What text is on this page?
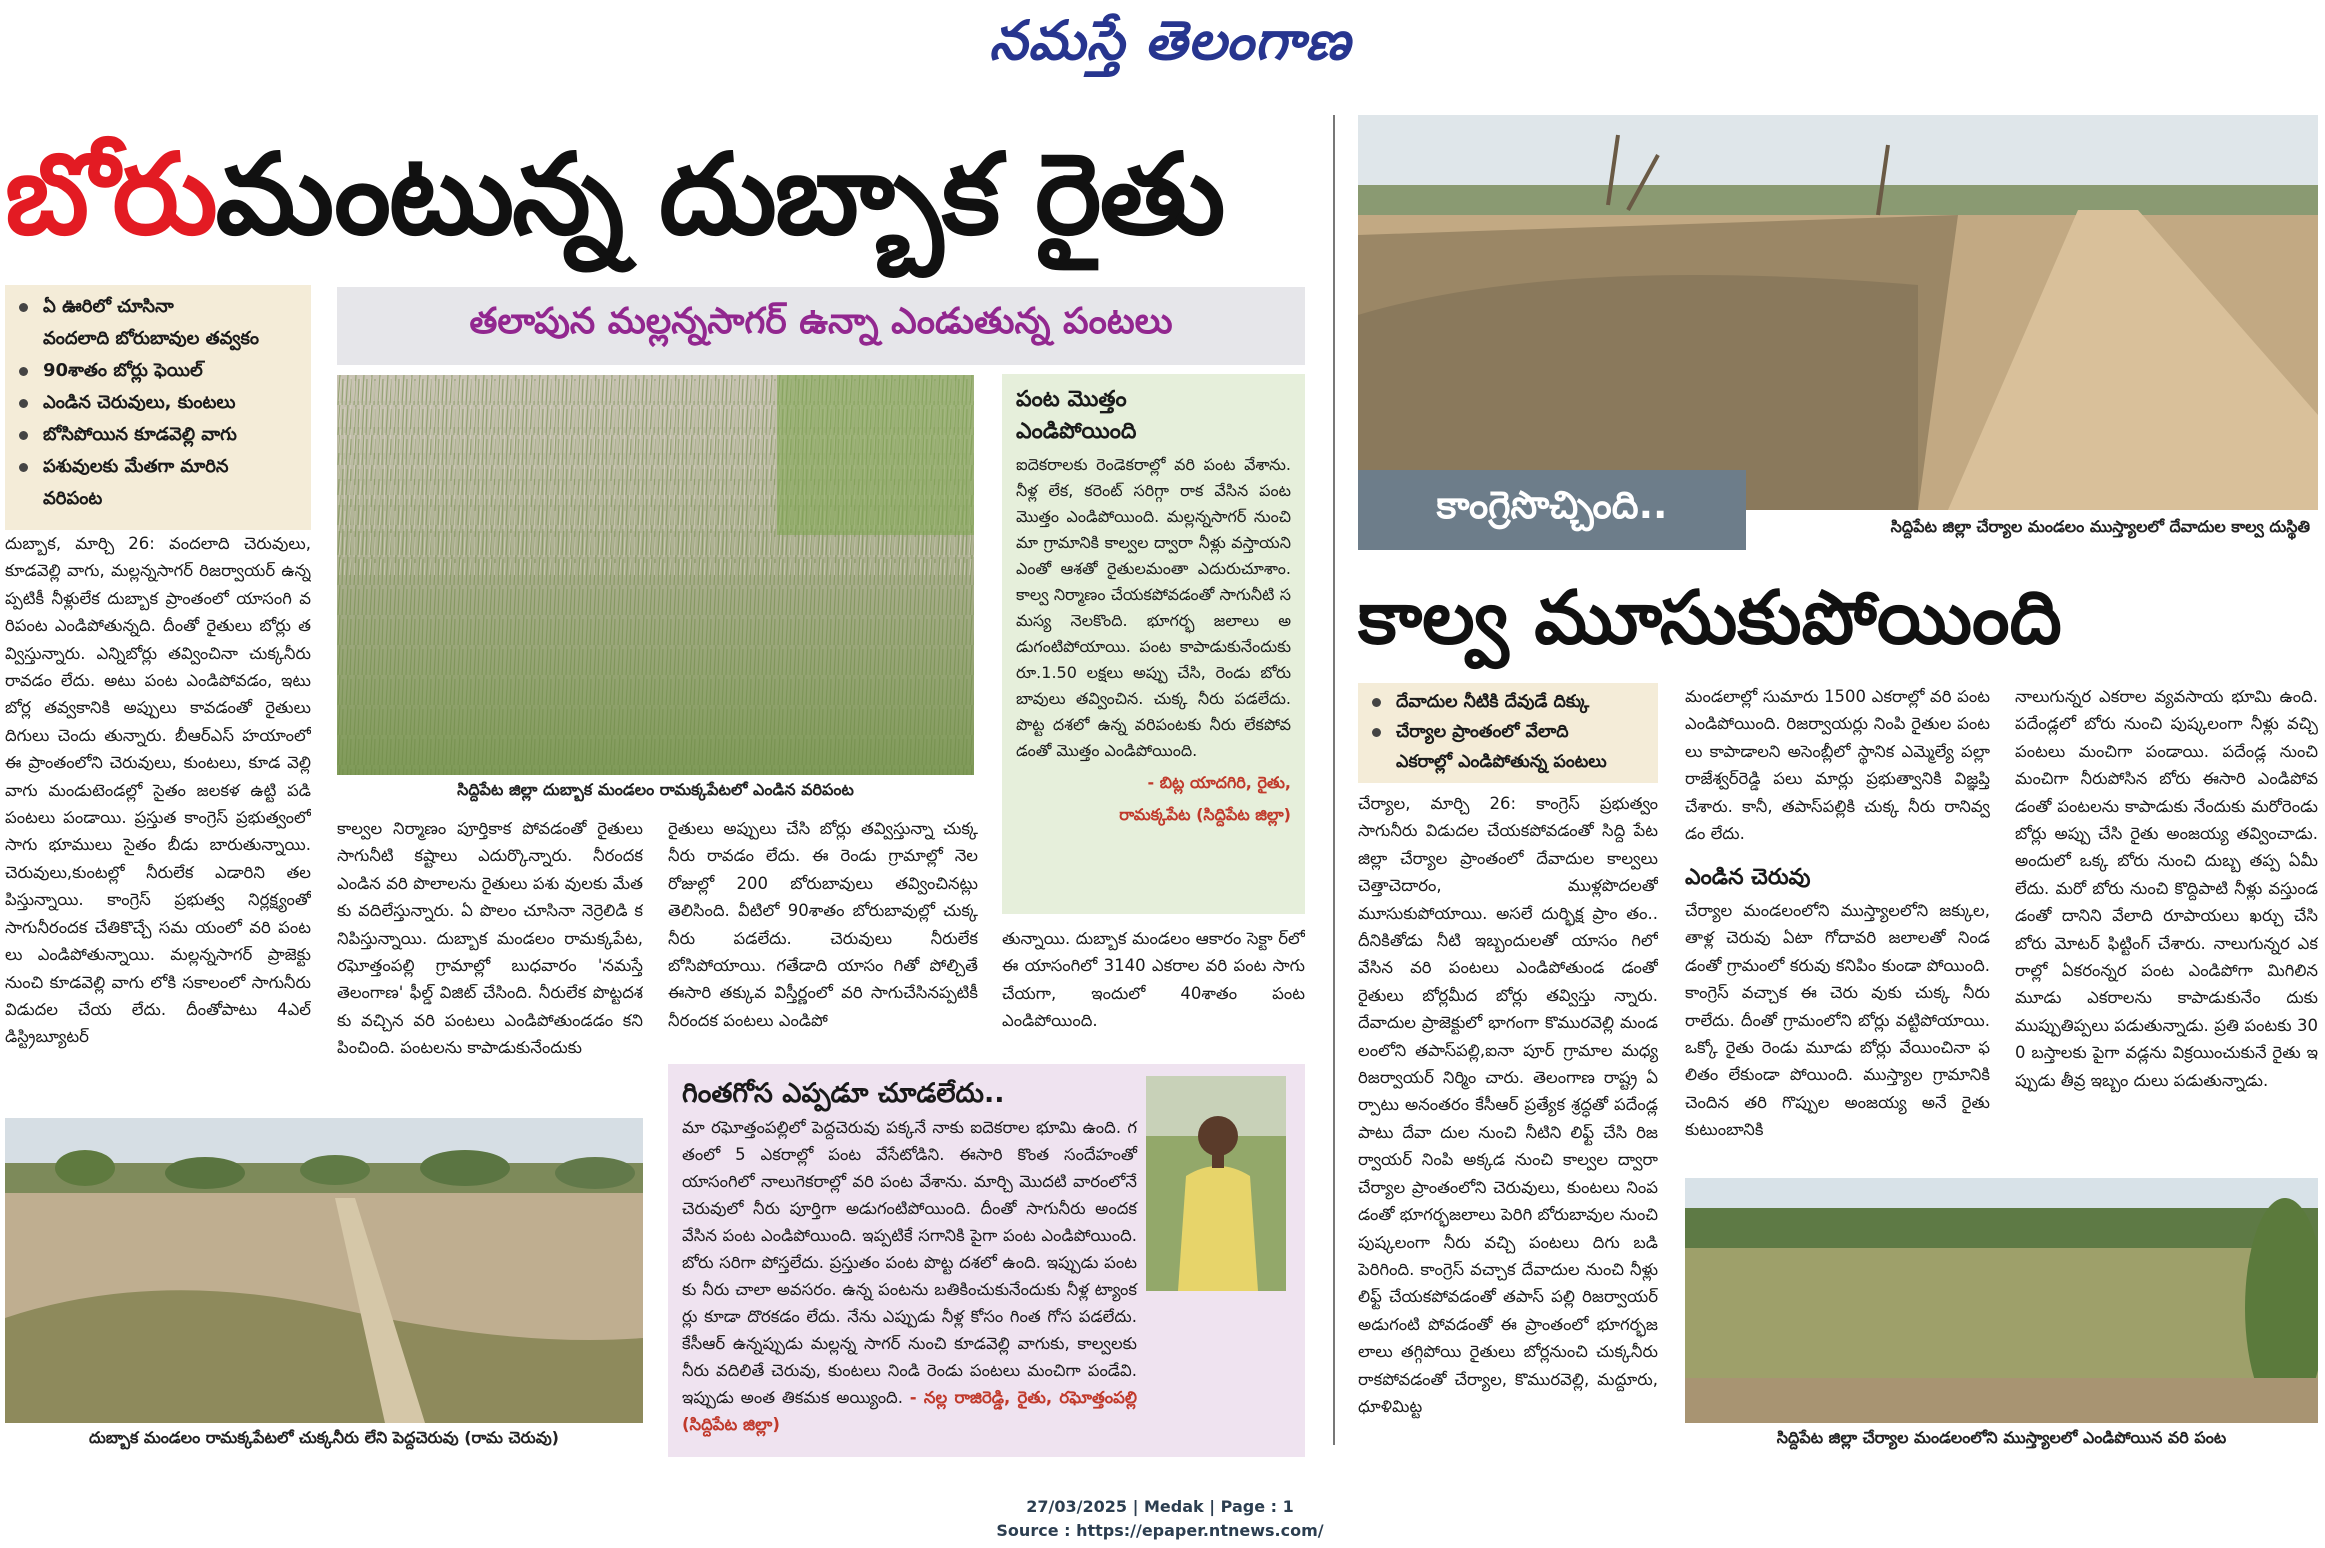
నమస్తే తెలంగాణ
బోరుమంటున్న దుబ్బాక రైతు
ఏ ఊరిలో చూసినా
వందలాది బోరుబావుల తవ్వకం
90శాతం బోర్లు ఫెయిల్
ఎండిన చెరువులు, కుంటలు
బోసిపోయిన కూడవెల్లి వాగు
పశువులకు మేతగా మారిన
వరిపంట
తలాపున మల్లన్నసాగర్ ఉన్నా ఎండుతున్న పంటలు
సిద్దిపేట జిల్లా దుబ్బాక మండలం రామక్కపేటలో ఎండిన వరిపంట
పంట మొత్తం
ఎండిపోయింది
ఐదెకరాలకు రెండెకరాల్లో వరి పంట వేశాను. నీళ్ల లేక, కరెంట్ సరిగ్గా రాక వేసిన పంట మొత్తం ఎండిపోయింది. మల్లన్నసాగర్ నుంచి మా గ్రామానికి కాల్వల ద్వారా నీళ్లు వస్తాయని ఎంతో ఆశతో రైతులమంతా ఎదురుచూశాం. కాల్వ నిర్మాణం చేయకపోవడంతో సాగునీటి సమస్య నెలకొంది. భూగర్భ జలాలు అడుగంటిపోయాయి. పంట కాపాడుకునేందుకు రూ.1.50 లక్షలు అప్పు చేసి, రెండు బోరు బావులు తవ్వించిన. చుక్క నీరు పడలేదు. పొట్ట దశలో ఉన్న వరిపంటకు నీరు లేకపోవ డంతో మొత్తం ఎండిపోయింది.
- బిట్ల యాదగిరి, రైతు,
రామక్కపేట (సిద్దిపేట జిల్లా)
దుబ్బాక, మార్చి 26: వందలాది చెరువులు, కూడవెల్లి వాగు, మల్లన్నసాగర్ రిజర్వాయర్ ఉన్నప్పటికీ నీళ్లులేక దుబ్బాక ప్రాంతంలో యాసంగి వరిపంట ఎండిపోతున్నది. దీంతో రైతులు బోర్లు తవ్విస్తున్నారు. ఎన్నిబోర్లు తవ్వించినా చుక్కనీరు రావడం లేదు. అటు పంట ఎండిపోవడం, ఇటు బోర్ల తవ్వకానికి అప్పులు కావడంతో రైతులు దిగులు చెందు తున్నారు. బీఆర్ఎస్ హయాంలో ఈ ప్రాంతంలోని చెరువులు, కుంటలు, కూడ వెల్లి వాగు మండుటెండల్లో సైతం జలకళ ఉట్టి పడి పంటలు పండాయి. ప్రస్తుత కాంగ్రెస్ ప్రభుత్వంలో సాగు భూములు సైతం బీడు బారుతున్నాయి. చెరువులు,కుంటల్లో నీరులేక ఎడారిని తలపిస్తున్నాయి. కాంగ్రెస్ ప్రభుత్వ నిర్లక్ష్యంతో సాగునీరందక చేతికొచ్చే సమ యంలో వరి పంటలు ఎండిపోతున్నాయి. మల్లన్నసాగర్ ప్రాజెక్టు నుంచి కూడవెల్లి వాగు లోకి సకాలంలో సాగునీరు విడుదల చేయ లేదు. దీంతోపాటు 4ఎల్ డిస్ట్రిబ్యూటర్
కాల్వల నిర్మాణం పూర్తికాక పోవడంతో రైతులు సాగునీటి కష్టాలు ఎదుర్కొన్నారు. నీరందక ఎండిన వరి పొలాలను రైతులు పశు వులకు మేతకు వదిలేస్తున్నారు. ఏ పొలం చూసినా నెర్రెలిడి కనిపిస్తున్నాయి. దుబ్బాక మండలం రామక్కపేట, రఘోత్తంపల్లి గ్రామాల్లో బుధవారం 'నమస్తే తెలంగాణ' ఫీల్డ్ విజిట్ చేసింది. నీరులేక పొట్టదశకు వచ్చిన వరి పంటలు ఎండిపోతుండడం కని పించింది. పంటలను కాపాడుకునేందుకు
రైతులు అప్పులు చేసి బోర్లు తవ్విస్తున్నా చుక్కనీరు రావడం లేదు. ఈ రెండు గ్రామాల్లో నెల రోజుల్లో 200 బోరుబావులు తవ్వించినట్లు తెలిసింది. వీటిలో 90శాతం బోరుబావుల్లో చుక్కనీరు పడలేదు. చెరువులు నీరులేక బోసిపోయాయి. గతేడాది యాసం గితో పోల్చితే ఈసారి తక్కువ విస్తీర్ణంలో వరి సాగుచేసినప్పటికీ నీరందక పంటలు ఎండిపో
తున్నాయి. దుబ్బాక మండలం ఆకారం సెక్టా ర్‌లో ఈ యాసంగిలో 3140 ఎకరాల వరి పంట సాగు చేయగా, ఇందులో 40శాతం పంట ఎండిపోయింది.
దుబ్బాక మండలం రామక్కపేటలో చుక్కనీరు లేని పెద్దచెరువు (రామ చెరువు)
గింతగోస ఎప్పడూ చూడలేదు..
మా రఘోత్తంపల్లిలో పెద్దచెరువు పక్కనే నాకు ఐదెకరాల భూమి ఉంది. గతంలో 5 ఎకరాల్లో పంట వేసేటోడిని. ఈసారి కొంత సందేహంతో యాసంగిలో నాలుగెకరాల్లో వరి పంట వేశాను. మార్చి మొదటి వారంలోనే చెరువులో నీరు పూర్తిగా అడుగంటిపోయింది. దీంతో సాగునీరు అందక వేసిన పంట ఎండిపోయింది. ఇప్పటికే సగానికి పైగా పంట ఎండిపోయింది. బోరు సరిగా పోస్తలేదు. ప్రస్తుతం పంట పొట్ట దశలో ఉంది. ఇప్పుడు పంటకు నీరు చాలా అవసరం. ఉన్న పంటను బతికించుకునేందుకు నీళ్ల ట్యాంకర్లు కూడా దొరకడం లేదు. నేను ఎప్పుడు నీళ్ల కోసం గింత గోస పడలేదు. కేసీఆర్ ఉన్నప్పుడు మల్లన్న సాగర్ నుంచి కూడవెల్లి వాగుకు, కాల్వలకు నీరు వదిలితే చెరువు, కుంటలు నిండి రెండు పంటలు మంచిగా పండేవి. ఇప్పుడు అంత తికమక అయ్యింది. - నల్ల రాజిరెడ్డి, రైతు, రఘోత్తంపల్లి (సిద్దిపేట జిల్లా)
కాంగ్రెసొచ్చింది..	సిద్దిపేట జిల్లా చేర్యాల మండలం ముస్త్యాలలో దేవాదుల కాల్వ దుస్థితి
కాల్వ మూసుకుపోయింది
దేవాదుల నీటికి దేవుడే దిక్కు
చేర్యాల ప్రాంతంలో వేలాది
ఎకరాల్లో ఎండిపోతున్న పంటలు
చేర్యాల, మార్చి 26: కాంగ్రెస్ ప్రభుత్వం సాగునీరు విడుదల చేయకపోవడంతో సిద్ది పేట జిల్లా చేర్యాల ప్రాంతంలో దేవాదుల కాల్వలు చెత్తాచెదారం, ముళ్లపొదలతో మూసుకుపోయాయి. అసలే దుర్భిక్ష ప్రాం తం.. దీనికితోడు నీటి ఇబ్బందులతో యాసం గిలో వేసిన వరి పంటలు ఎండిపోతుండ డంతో రైతులు బోర్లమీద బోర్లు తవ్విస్తు న్నారు. దేవాదుల ప్రాజెక్టులో భాగంగా కొమురవెల్లి మండలంలోని తపాస్‌పల్లి,ఐనా పూర్ గ్రామాల మధ్య రిజర్వాయర్ నిర్మిం చారు. తెలంగాణ రాష్ట్ర ఏర్పాటు అనంతరం కేసీఆర్ ప్రత్యేక శ్రద్ధతో పదేండ్ల పాటు దేవా దుల నుంచి నీటిని లిఫ్ట్ చేసి రిజర్వాయర్ నింపి అక్కడ నుంచి కాల్వల ద్వారా చేర్యాల ప్రాంతంలోని చెరువులు, కుంటలు నింప డంతో భూగర్భజలాలు పెరిగి బోరుబావుల నుంచి పుష్కలంగా నీరు వచ్చి పంటలు దిగు బడి పెరిగింది. కాంగ్రెస్ వచ్చాక దేవాదుల నుంచి నీళ్లు లిఫ్ట్ చేయకపోవడంతో తపాస్ పల్లి రిజర్వాయర్ అడుగంటి పోవడంతో ఈ ప్రాంతంలో భూగర్భజలాలు తగ్గిపోయి రైతులు బోర్లనుంచి చుక్కనీరు రాకపోవడంతో చేర్యాల, కొమురవెల్లి, మద్దూరు, ధూళిమిట్ట
మండలాల్లో సుమారు 1500 ఎకరాల్లో వరి పంట ఎండిపోయింది. రిజర్వాయర్లు నింపి రైతుల పంటలు కాపాడాలని అసెంబ్లీలో స్థానిక ఎమ్మెల్యే పల్లా రాజేశ్వర్‌రెడ్డి పలు మార్లు ప్రభుత్వానికి విజ్ఞప్తి చేశారు. కానీ, తపాస్‌పల్లికి చుక్క నీరు రానివ్వడం లేదు.
ఎండిన చెరువు
చేర్యాల మండలంలోని ముస్త్యాలలోని జక్కుల, తాళ్ల చెరువు ఏటా గోదావరి జలాలతో నిండడంతో గ్రామంలో కరువు కనిపిం కుండా పోయింది. కాంగ్రెస్ వచ్చాక ఈ చెరు వుకు చుక్క నీరు రాలేదు. దీంతో గ్రామంలోని బోర్లు వట్టిపోయాయి. ఒక్కో రైతు రెండు మూడు బోర్లు వేయించినా ఫలితం లేకుండా పోయింది. ముస్త్యాల గ్రామానికి చెందిన తరి గొప్పుల అంజయ్య అనే రైతు కుటుంబానికి
నాలుగున్నర ఎకరాల వ్యవసాయ భూమి ఉంది. పదేండ్లలో బోరు నుంచి పుష్కలంగా నీళ్లు వచ్చి పంటలు మంచిగా పండాయి. పదేండ్ల నుంచి మంచిగా నీరుపోసిన బోరు ఈసారి ఎండిపోవడంతో పంటలను కాపాడుకు నేందుకు మరోరెండు బోర్లు అప్పు చేసి రైతు అంజయ్య తవ్వించాడు. అందులో ఒక్క బోరు నుంచి దుబ్బ తప్ప ఏమీ లేదు. మరో బోరు నుంచి కొద్దిపాటి నీళ్లు వస్తుండడంతో దానిని వేలాది రూపాయలు ఖర్చు చేసి బోరు మోటర్ ఫిట్టింగ్ చేశారు. నాలుగున్నర ఎకరాల్లో ఏకరంన్నర పంట ఎండిపోగా మిగిలిన మూడు ఎకరాలను కాపాడుకునేం దుకు ముప్పుతిప్పలు పడుతున్నాడు. ప్రతి పంటకు 300 బస్తాలకు పైగా వడ్లను విక్రయించుకునే రైతు ఇప్పుడు తీవ్ర ఇబ్బం దులు పడుతున్నాడు.
సిద్దిపేట జిల్లా చేర్యాల మండలంలోని ముస్త్యాలలో ఎండిపోయిన వరి పంట
27/03/2025 | Medak | Page : 1
Source : https://epaper.ntnews.com/
